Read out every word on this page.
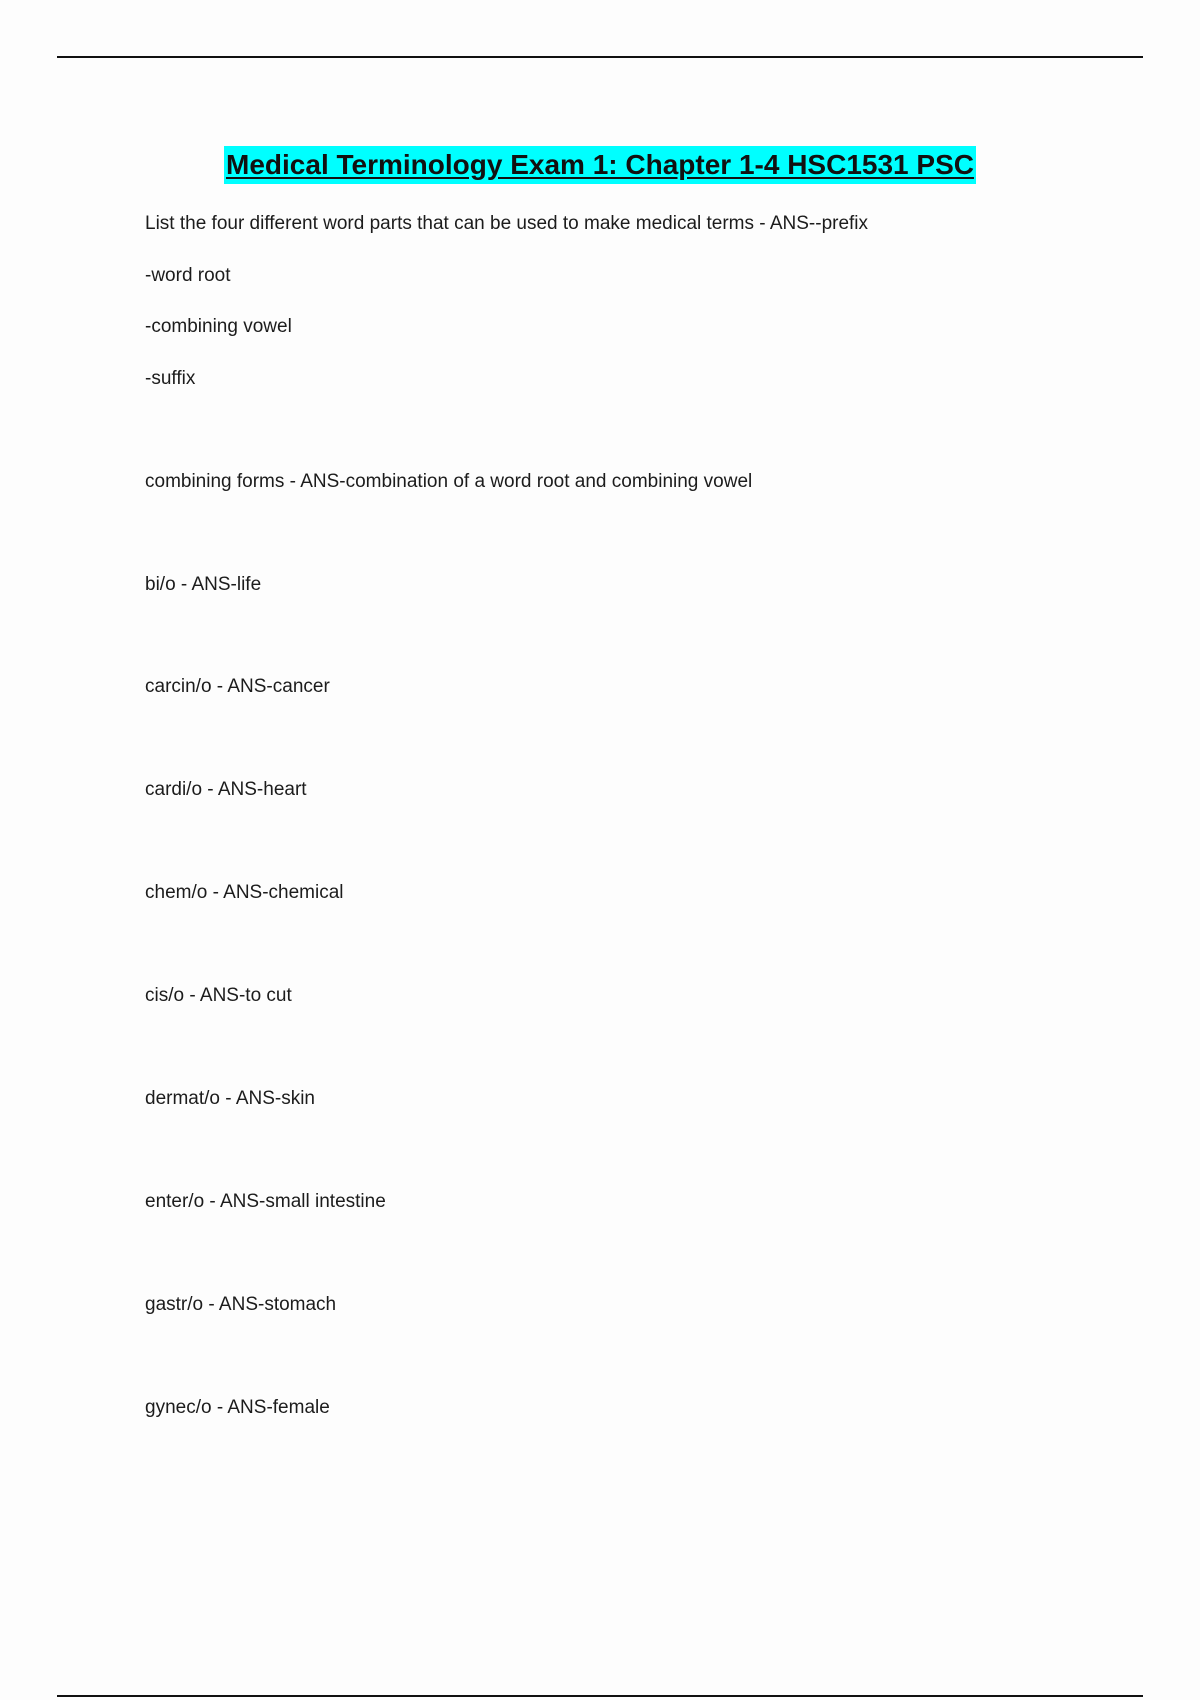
Medical Terminology Exam 1: Chapter 1-4 HSC1531 PSC
List the four different word parts that can be used to make medical terms - ANS--prefix
-word root
-combining vowel
-suffix
combining forms - ANS-combination of a word root and combining vowel
bi/o - ANS-life
carcin/o - ANS-cancer
cardi/o - ANS-heart
chem/o - ANS-chemical
cis/o - ANS-to cut
dermat/o - ANS-skin
enter/o - ANS-small intestine
gastr/o - ANS-stomach
gynec/o - ANS-female
